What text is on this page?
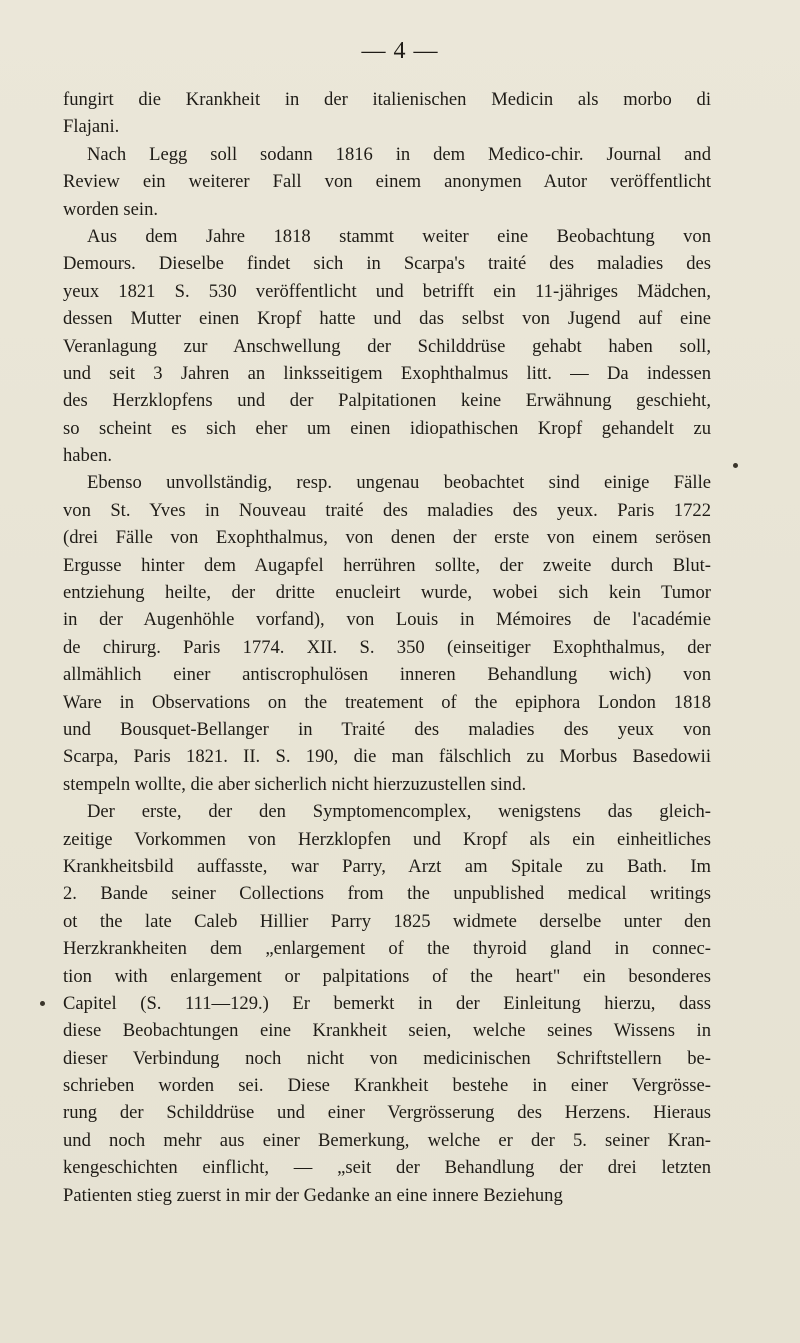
— 4 —
fungirt die Krankheit in der italienischen Medicin als morbo di
Flajani.
Nach Legg soll sodann 1816 in dem Medico-chir. Journal and
Review ein weiterer Fall von einem anonymen Autor veröffentlicht
worden sein.
Aus dem Jahre 1818 stammt weiter eine Beobachtung von
Demours. Dieselbe findet sich in Scarpa's traité des maladies des
yeux 1821 S. 530 veröffentlicht und betrifft ein 11-jähriges Mädchen,
dessen Mutter einen Kropf hatte und das selbst von Jugend auf eine
Veranlagung zur Anschwellung der Schilddrüse gehabt haben soll,
und seit 3 Jahren an linksseitigem Exophthalmus litt. — Da indessen
des Herzklopfens und der Palpitationen keine Erwähnung geschieht,
so scheint es sich eher um einen idiopathischen Kropf gehandelt zu
haben.
Ebenso unvollständig, resp. ungenau beobachtet sind einige Fälle
von St. Yves in Nouveau traité des maladies des yeux. Paris 1722
(drei Fälle von Exophthalmus, von denen der erste von einem serösen
Ergusse hinter dem Augapfel herrühren sollte, der zweite durch Blut-
entziehung heilte, der dritte enucleirt wurde, wobei sich kein Tumor
in der Augenhöhle vorfand), von Louis in Mémoires de l'académie
de chirurg. Paris 1774. XII. S. 350 (einseitiger Exophthalmus, der
allmählich einer antiscrophulösen inneren Behandlung wich) von
Ware in Observations on the treatement of the epiphora London 1818
und Bousquet-Bellanger in Traité des maladies des yeux von
Scarpa, Paris 1821. II. S. 190, die man fälschlich zu Morbus Basedowii
stempeln wollte, die aber sicherlich nicht hierzuzustellen sind.
Der erste, der den Symptomencomplex, wenigstens das gleich-
zeitige Vorkommen von Herzklopfen und Kropf als ein einheitliches
Krankheitsbild auffasste, war Parry, Arzt am Spitale zu Bath. Im
2. Bande seiner Collections from the unpublished medical writings
ot the late Caleb Hillier Parry 1825 widmete derselbe unter den
Herzkrankheiten dem „enlargement of the thyroid gland in connec-
tion with enlargement or palpitations of the heart" ein besonderes
Capitel (S. 111—129.) Er bemerkt in der Einleitung hierzu, dass
diese Beobachtungen eine Krankheit seien, welche seines Wissens in
dieser Verbindung noch nicht von medicinischen Schriftstellern be-
schrieben worden sei. Diese Krankheit bestehe in einer Vergrösse-
rung der Schilddrüse und einer Vergrösserung des Herzens. Hieraus
und noch mehr aus einer Bemerkung, welche er der 5. seiner Kran-
kengeschichten einflicht, — „seit der Behandlung der drei letzten
Patienten stieg zuerst in mir der Gedanke an eine innere Beziehung
